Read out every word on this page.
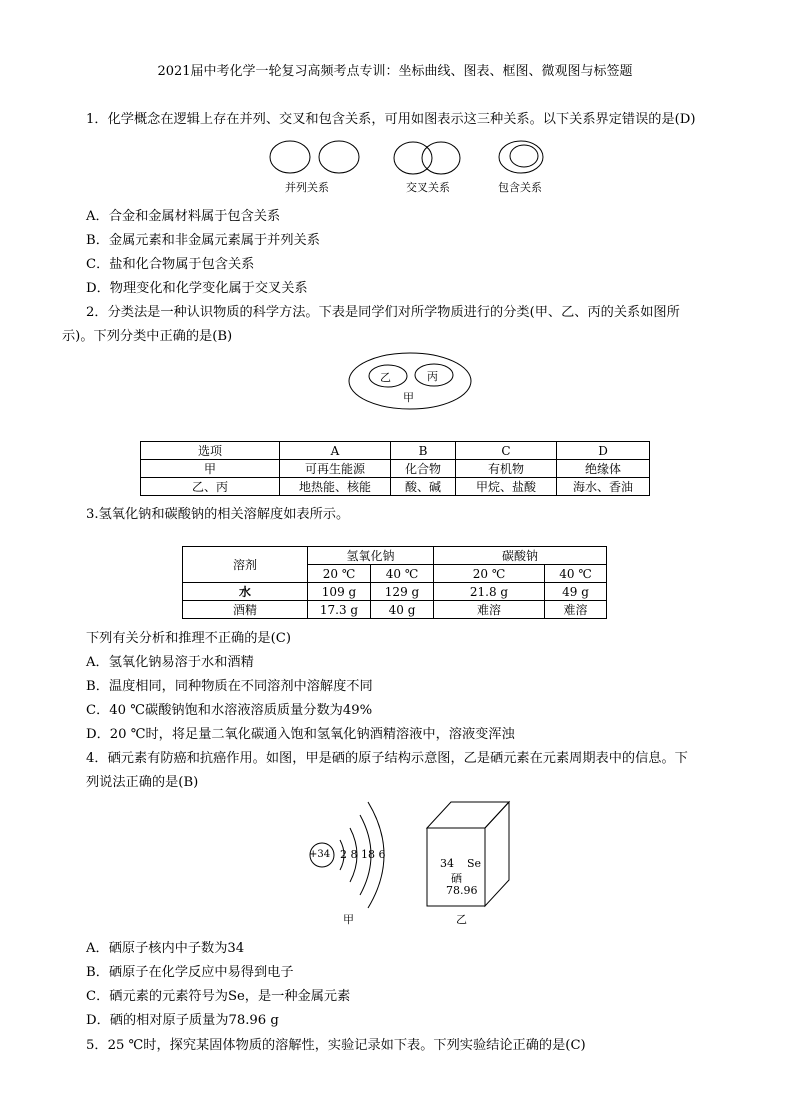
2021届中考化学一轮复习高频考点专训：坐标曲线、图表、框图、微观图与标签题
1．化学概念在逻辑上存在并列、交叉和包含关系，可用如图表示这三种关系。以下关系界定错误的是(D)
并列关系	交叉关系	包含关系
A．合金和金属材料属于包含关系
B．金属元素和非金属元素属于并列关系
C．盐和化合物属于包含关系
D．物理变化和化学变化属于交叉关系
2．分类法是一种认识物质的科学方法。下表是同学们对所学物质进行的分类(甲、乙、丙的关系如图所
示)。下列分类中正确的是(B)
乙	丙
甲
选项	A	B	C	D
甲	可再生能源	化合物	有机物	绝缘体
乙、丙	地热能、核能	酸、碱	甲烷、盐酸	海水、香油
3.氢氧化钠和碳酸钠的相关溶解度如表所示。
溶剂	氢氧化钠		碳酸钠	
	20 ℃	40 ℃	20 ℃	40 ℃
水	109 g	129 g	21.8 g	49 g
酒精	17.3 g	40 g	难溶	难溶
下列有关分析和推理不正确的是(C)
A．氢氧化钠易溶于水和酒精
B．温度相同，同种物质在不同溶剂中溶解度不同
C．40 ℃碳酸钠饱和水溶液溶质质量分数为49%
D．20 ℃时，将足量二氧化碳通入饱和氢氧化钠酒精溶液中，溶液变浑浊
4．硒元素有防癌和抗癌作用。如图，甲是硒的原子结构示意图，乙是硒元素在元素周期表中的信息。下
列说法正确的是(B)
+34 2 8 18 6
甲
34 Se
硒
78.96
乙
A．硒原子核内中子数为34
B．硒原子在化学反应中易得到电子
C．硒元素的元素符号为Se，是一种金属元素
D．硒的相对原子质量为78.96 g
5．25 ℃时，探究某固体物质的溶解性，实验记录如下表。下列实验结论正确的是(C)
